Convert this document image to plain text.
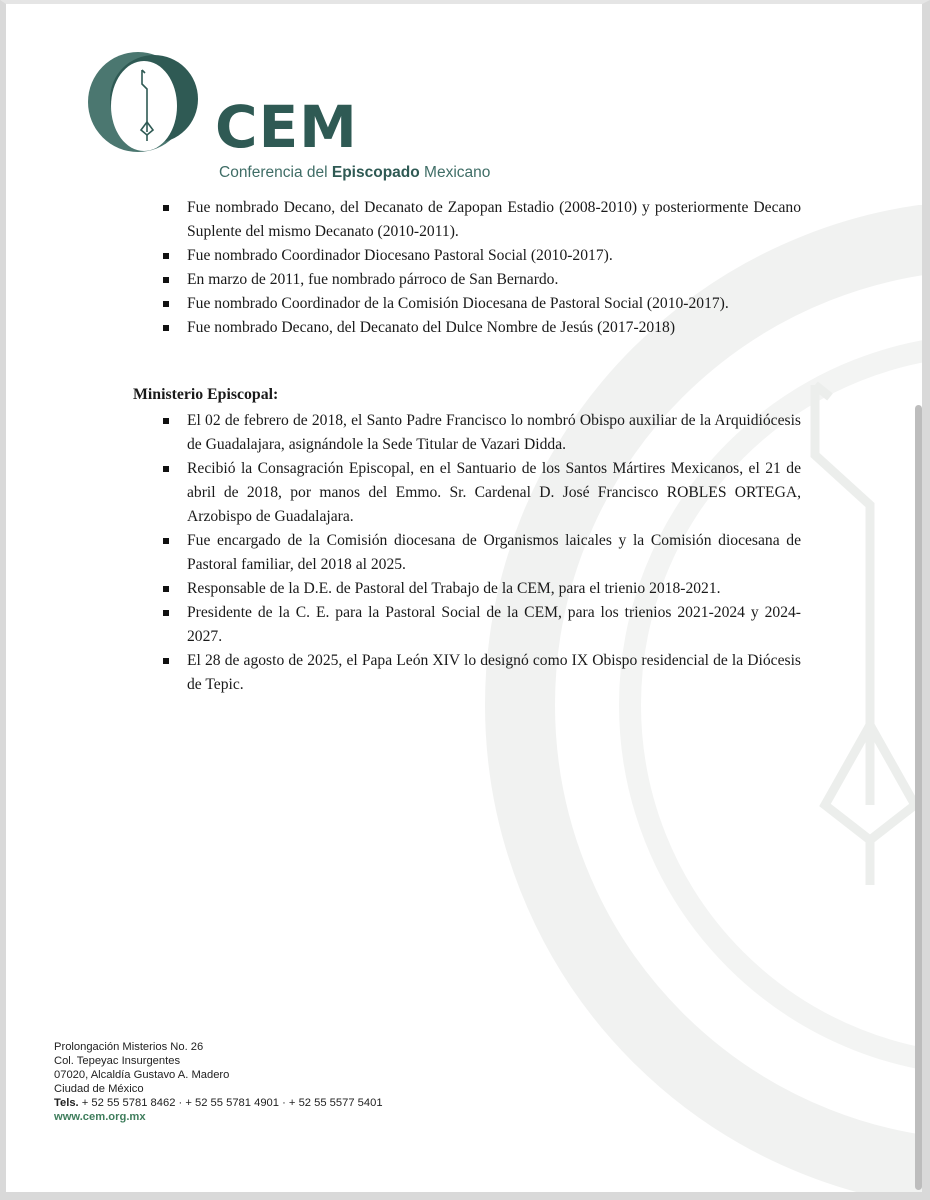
CEM
Conferencia del Episcopado Mexicano
Fue nombrado Decano, del Decanato de Zapopan Estadio (2008-2010) y posteriormente Decano Suplente del mismo Decanato (2010-2011).
Fue nombrado Coordinador Diocesano Pastoral Social (2010-2017).
En marzo de 2011, fue nombrado párroco de San Bernardo.
Fue nombrado Coordinador de la Comisión Diocesana de Pastoral Social (2010-2017).
Fue nombrado Decano, del Decanato del Dulce Nombre de Jesús (2017-2018)
Ministerio Episcopal:
El 02 de febrero de 2018, el Santo Padre Francisco lo nombró Obispo auxiliar de la Arquidiócesis de Guadalajara, asignándole la Sede Titular de Vazari Didda.
Recibió la Consagración Episcopal, en el Santuario de los Santos Mártires Mexicanos, el 21 de abril de 2018, por manos del Emmo. Sr. Cardenal D. José Francisco ROBLES ORTEGA, Arzobispo de Guadalajara.
Fue encargado de la Comisión diocesana de Organismos laicales y la Comisión diocesana de Pastoral familiar, del 2018 al 2025.
Responsable de la D.E. de Pastoral del Trabajo de la CEM, para el trienio 2018-2021.
Presidente de la C. E. para la Pastoral Social de la CEM, para los trienios 2021-2024 y 2024-2027.
El 28 de agosto de 2025, el Papa León XIV lo designó como IX Obispo residencial de la Diócesis de Tepic.
Prolongación Misterios No. 26
Col. Tepeyac Insurgentes
07020, Alcaldía Gustavo A. Madero
Ciudad de México
Tels. + 52 55 5781 8462 · + 52 55 5781 4901 · + 52 55 5577 5401
www.cem.org.mx
